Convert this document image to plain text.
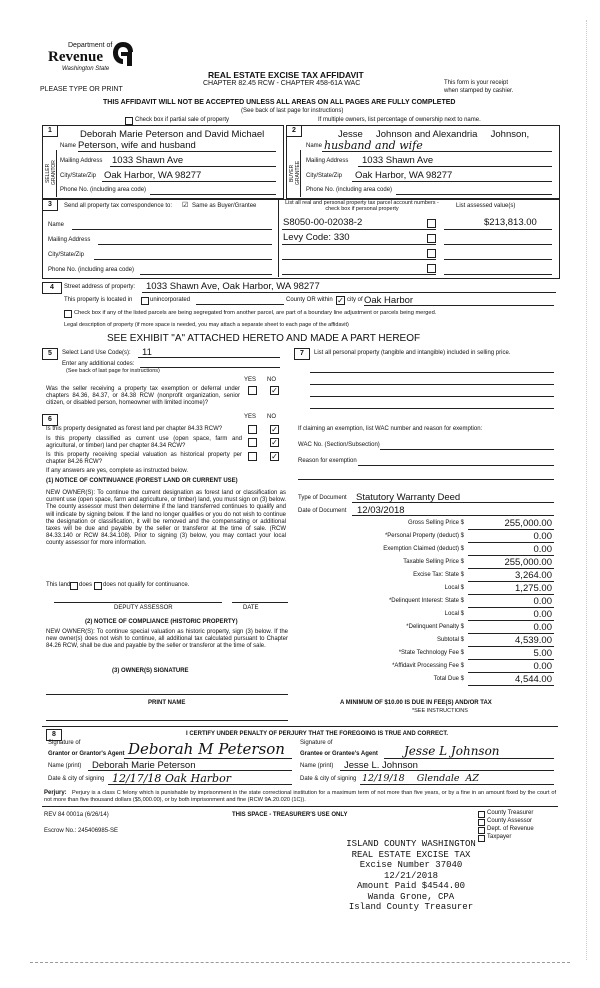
Department of
Revenue
Washington State
PLEASE TYPE OR PRINT
REAL ESTATE EXCISE TAX AFFIDAVIT
CHAPTER 82.45 RCW - CHAPTER 458-61A WAC	This form is your receipt
when stamped by cashier.
THIS AFFIDAVIT WILL NOT BE ACCEPTED UNLESS ALL AREAS ON ALL PAGES ARE FULLY COMPLETED
(See back of last page for instructions)
Check box if partial sale of property	If multiple owners, list percentage of ownership next to name.
1
SELLER GRANTOR
Deborah Marie Peterson and David Michael
Name Peterson, wife and husband
Mailing Address 1033 Shawn Ave
City/State/Zip Oak Harbor, WA 98277
Phone No. (including area code)
2
BUYER GRANTEE
Jesse     Johnson and Alexandria     Johnson,
Name husband and wife
Mailing Address 1033 Shawn Ave
City/State/Zip Oak Harbor, WA 98277
Phone No. (including area code)
3	Send all property tax correspondence to: ☑ Same as Buyer/Grantee
Name
Mailing Address
City/State/Zip
Phone No. (including area code)
List all real and personal property tax parcel account numbers - check box if personal property	List assessed value(s)
S8050-00-02038-2	$213,813.00
Levy Code: 330
4	Street address of property: 1033 Shawn Ave, Oak Harbor, WA 98277
This property is located in	unincorporated	County OR within ✓ city of Oak Harbor
Check box if any of the listed parcels are being segregated from another parcel, are part of a boundary line adjustment or parcels being merged.
Legal description of property (if more space is needed, you may attach a separate sheet to each page of the affidavit)
SEE EXHIBIT "A" ATTACHED HERETO AND MADE A PART HEREOF
5	Select Land Use Code(s): 11
Enter any additional codes:
(See back of last page for instructions)
YES NO
Was the seller receiving a property tax exemption or deferral under chapters 84.36, 84.37, or 84.38 RCW (nonprofit organization, senior citizen, or disabled person, homeowner with limited income)?
✓
6	YES NO
Is this property designated as forest land per chapter 84.33 RCW?	✓
Is this property classified as current use (open space, farm and agricultural, or timber) land per chapter 84.34 RCW?	✓
Is this property receiving special valuation as historical property per chapter 84.26 RCW?
✓
If any answers are yes, complete as instructed below.
(1) NOTICE OF CONTINUANCE (FOREST LAND OR CURRENT USE)
NEW OWNER(S): To continue the current designation as forest land or classification as current use (open space, farm and agriculture, or timber) land, you must sign on (3) below. The county assessor must then determine if the land transferred continues to qualify and will indicate by signing below. If the land no longer qualifies or you do not wish to continue the designation or classification, it will be removed and the compensating or additional taxes will be due and payable by the seller or transferor at the time of sale. (RCW 84.33.140 or RCW 84.34.108). Prior to signing (3) below, you may contact your local county assessor for more information.
This land does does not qualify for continuance.
DEPUTY ASSESSOR	DATE
(2) NOTICE OF COMPLIANCE (HISTORIC PROPERTY)
NEW OWNER(S): To continue special valuation as historic property, sign (3) below. If the new owner(s) does not wish to continue, all additional tax calculated pursuant to Chapter 84.26 RCW, shall be due and payable by the seller or transferor at the time of sale.
(3) OWNER(S) SIGNATURE
PRINT NAME
7	List all personal property (tangible and intangible) included in selling price.
If claiming an exemption, list WAC number and reason for exemption:
WAC No. (Section/Subsection)
Reason for exemption
Type of Document Statutory Warranty Deed
Date of Document 12/03/2018
Gross Selling Price $	255,000.00
*Personal Property (deduct) $	0.00
Exemption Claimed (deduct) $	0.00
Taxable Selling Price $	255,000.00
Excise Tax: State $	3,264.00
Local $	1,275.00
*Delinquent Interest: State $	0.00
Local $	0.00
*Delinquent Penalty $	0.00
Subtotal $	4,539.00
*State Technology Fee $	5.00
*Affidavit Processing Fee $	0.00
Total Due $	4,544.00
A MINIMUM OF $10.00 IS DUE IN FEE(S) AND/OR TAX
*SEE INSTRUCTIONS
8	I CERTIFY UNDER PENALTY OF PERJURY THAT THE FOREGOING IS TRUE AND CORRECT.
Signature of
Grantor or Grantor's Agent Deborah M Peterson
Name (print) Deborah Marie Peterson
Date & city of signing 12/17/18 Oak Harbor
Signature of
Grantee or Grantee's Agent Jesse L Johnson
Name (print) Jesse L. Johnson
Date & city of signing 12/19/18    Glendale  AZ
Perjury: Perjury is a class C felony which is punishable by imprisonment in the state correctional institution for a maximum term of not more than five years, or by a fine in an amount fixed by the court of not more than five thousand dollars ($5,000.00), or by both imprisonment and fine (RCW 9A.20.020 (1C)).
REV 84 0001a (6/26/14)	THIS SPACE - TREASURER'S USE ONLY
Escrow No.: 245406985-SE
County Treasurer
County Assessor
Dept. of Revenue
Taxpayer
ISLAND COUNTY WASHINGTON
REAL ESTATE EXCISE TAX
Excise Number 37040
12/21/2018
Amount Paid $4544.00
Wanda Grone, CPA
Island County Treasurer
